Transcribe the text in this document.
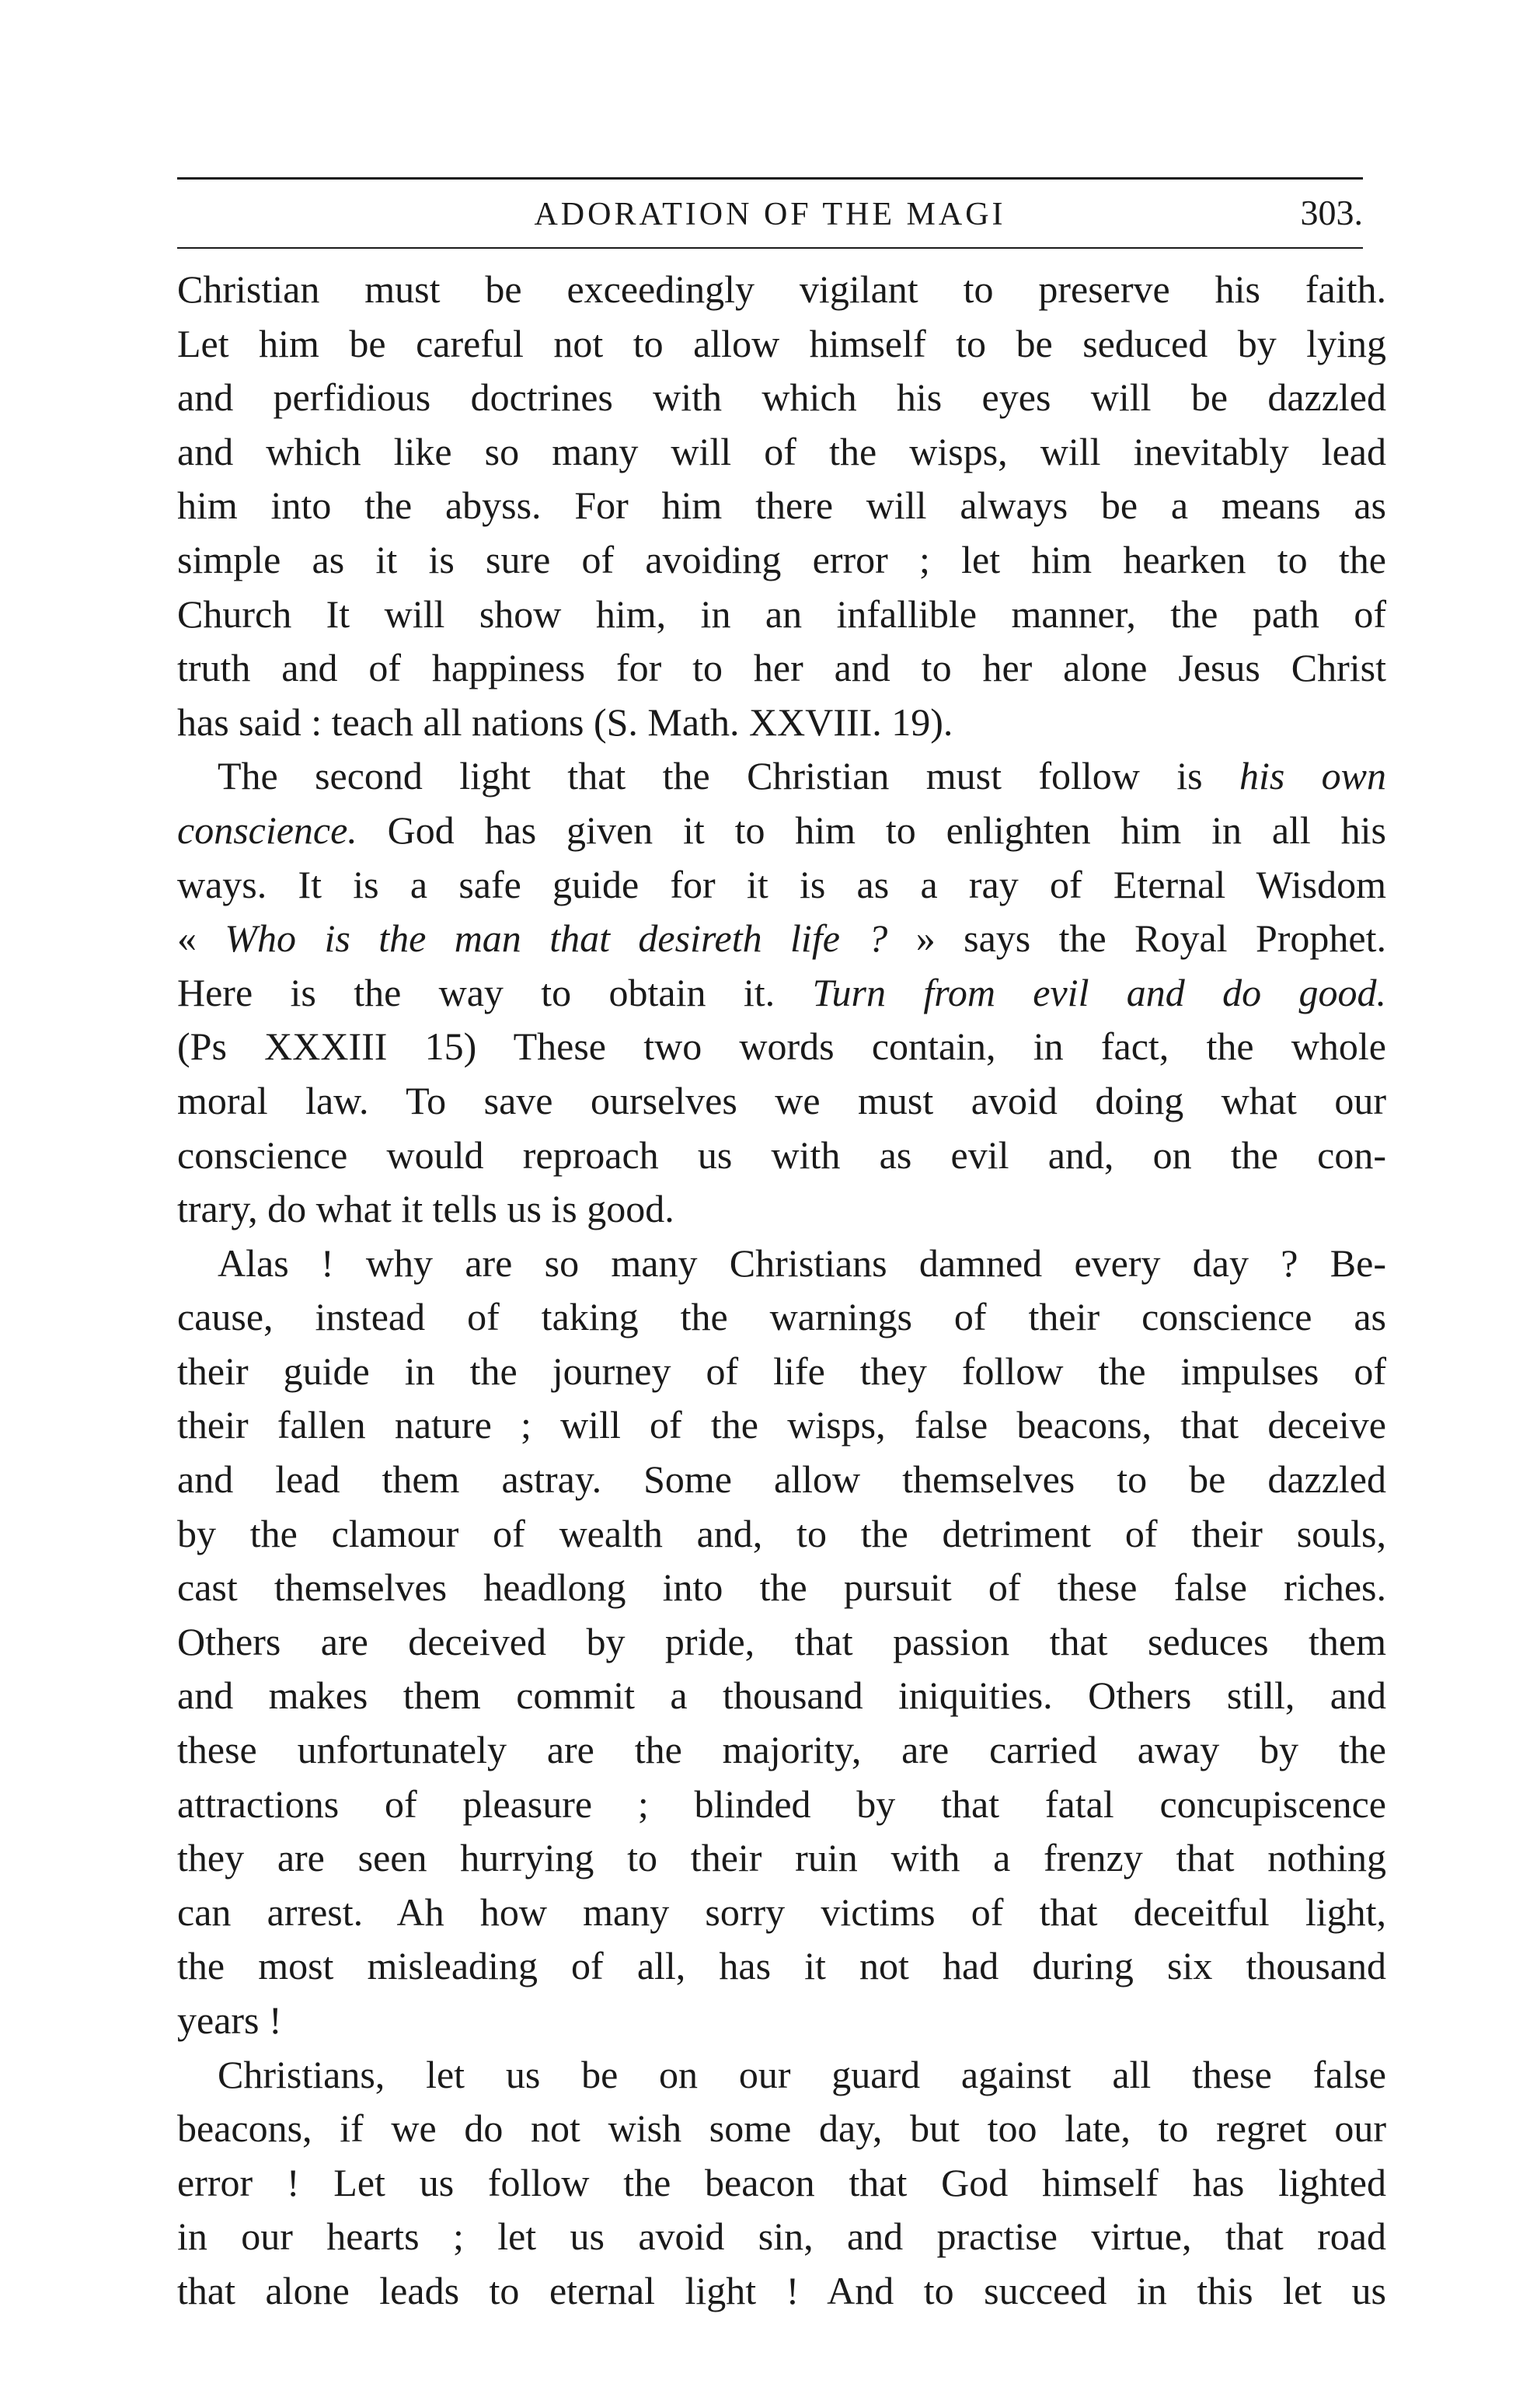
ADORATION OF THE MAGI	303.
Christian must be exceedingly vigilant to preserve his faith.
Let him be careful not to allow himself to be seduced by lying
and perfidious doctrines with which his eyes will be dazzled
and which like so many will of the wisps, will inevitably lead
him into the abyss. For him there will always be a means as
simple as it is sure of avoiding error ; let him hearken to the
Church It will show him, in an infallible manner, the path of
truth and of happiness for to her and to her alone Jesus Christ
has said : teach all nations (S. Math. XXVIII. 19).
The second light that the Christian must follow is his own
conscience. God has given it to him to enlighten him in all his
ways. It is a safe guide for it is as a ray of Eternal Wisdom
« Who is the man that desireth life ? » says the Royal Prophet.
Here is the way to obtain it. Turn from evil and do good.
(Ps XXXIII 15) These two words contain, in fact, the whole
moral law. To save ourselves we must avoid doing what our
conscience would reproach us with as evil and, on the con-
trary, do what it tells us is good.
Alas ! why are so many Christians damned every day ? Be-
cause, instead of taking the warnings of their conscience as
their guide in the journey of life they follow the impulses of
their fallen nature ; will of the wisps, false beacons, that deceive
and lead them astray. Some allow themselves to be dazzled
by the clamour of wealth and, to the detriment of their souls,
cast themselves headlong into the pursuit of these false riches.
Others are deceived by pride, that passion that seduces them
and makes them commit a thousand iniquities. Others still, and
these unfortunately are the majority, are carried away by the
attractions of pleasure ; blinded by that fatal concupiscence
they are seen hurrying to their ruin with a frenzy that nothing
can arrest. Ah how many sorry victims of that deceitful light,
the most misleading of all, has it not had during six thousand
years !
Christians, let us be on our guard against all these false
beacons, if we do not wish some day, but too late, to regret our
error ! Let us follow the beacon that God himself has lighted
in our hearts ; let us avoid sin, and practise virtue, that road
that alone leads to eternal light ! And to succeed in this let us
